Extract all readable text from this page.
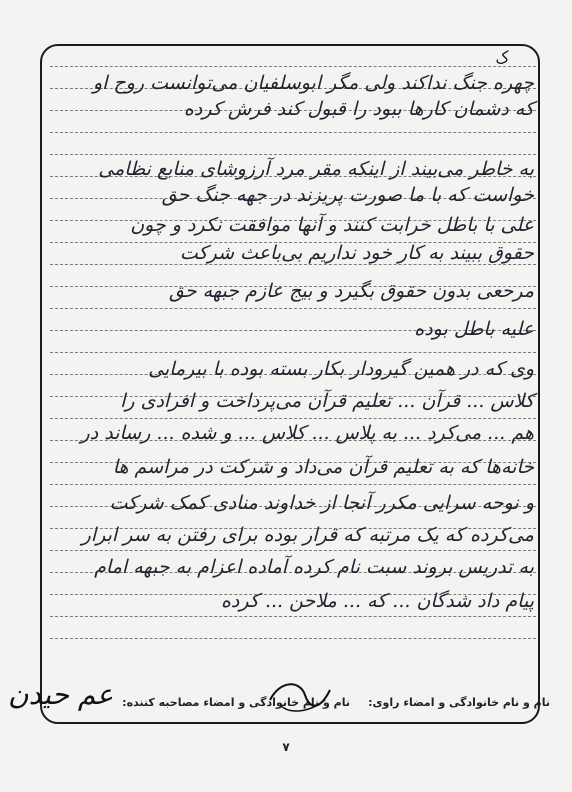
ک
چهره جنگ نداکند ولی مگر ابوسلفیان می‌توانست روح او
که دشمان کارها ببود را قبول کند فرش کرده
به خاطر می‌بیند از اینکه مقر مرد آرزوشای منابع نظامی
خواست که با ما صورت پریزند در جهه جنگ حق
علی با باطل خرابت کنند و آنها موافقت نکرد و چون
حقوق ببیند به کار خود نداریم بی‌باعث شرکت
مرحعی بدون حقوق بگیرد و بیج عازم جبهه حق
علیه باطل بوده
وی که در همین گیرودار بکار بسته بوده با بیرمایی
کلاس ... قرآن ... تعلیم قرآن می‌پرداخت و افرادی را
هم ... می‌کرد ... به پلاس ... کلاس ... و شده ... رساند در
خانه‌ها که به تعلیم قرآن می‌داد و شرکت در مراسم ها
و نوحه سرایی مکرر آنجا از خداوند منادی کمک شرکت
می‌کرده که یک مرتبه که قرار بوده برای رفتن به سر ابرار
به تدریس بروند سبت نام کرده آماده اعزام به جبهه امام
پیام داد شدگان ... که ... ملاحن ... کرده
نام و نام خانوادگی و امضاء راوی:
نام و نام خانوادگی و امضاء مصاحبه کننده:
عم حیدن
۷
